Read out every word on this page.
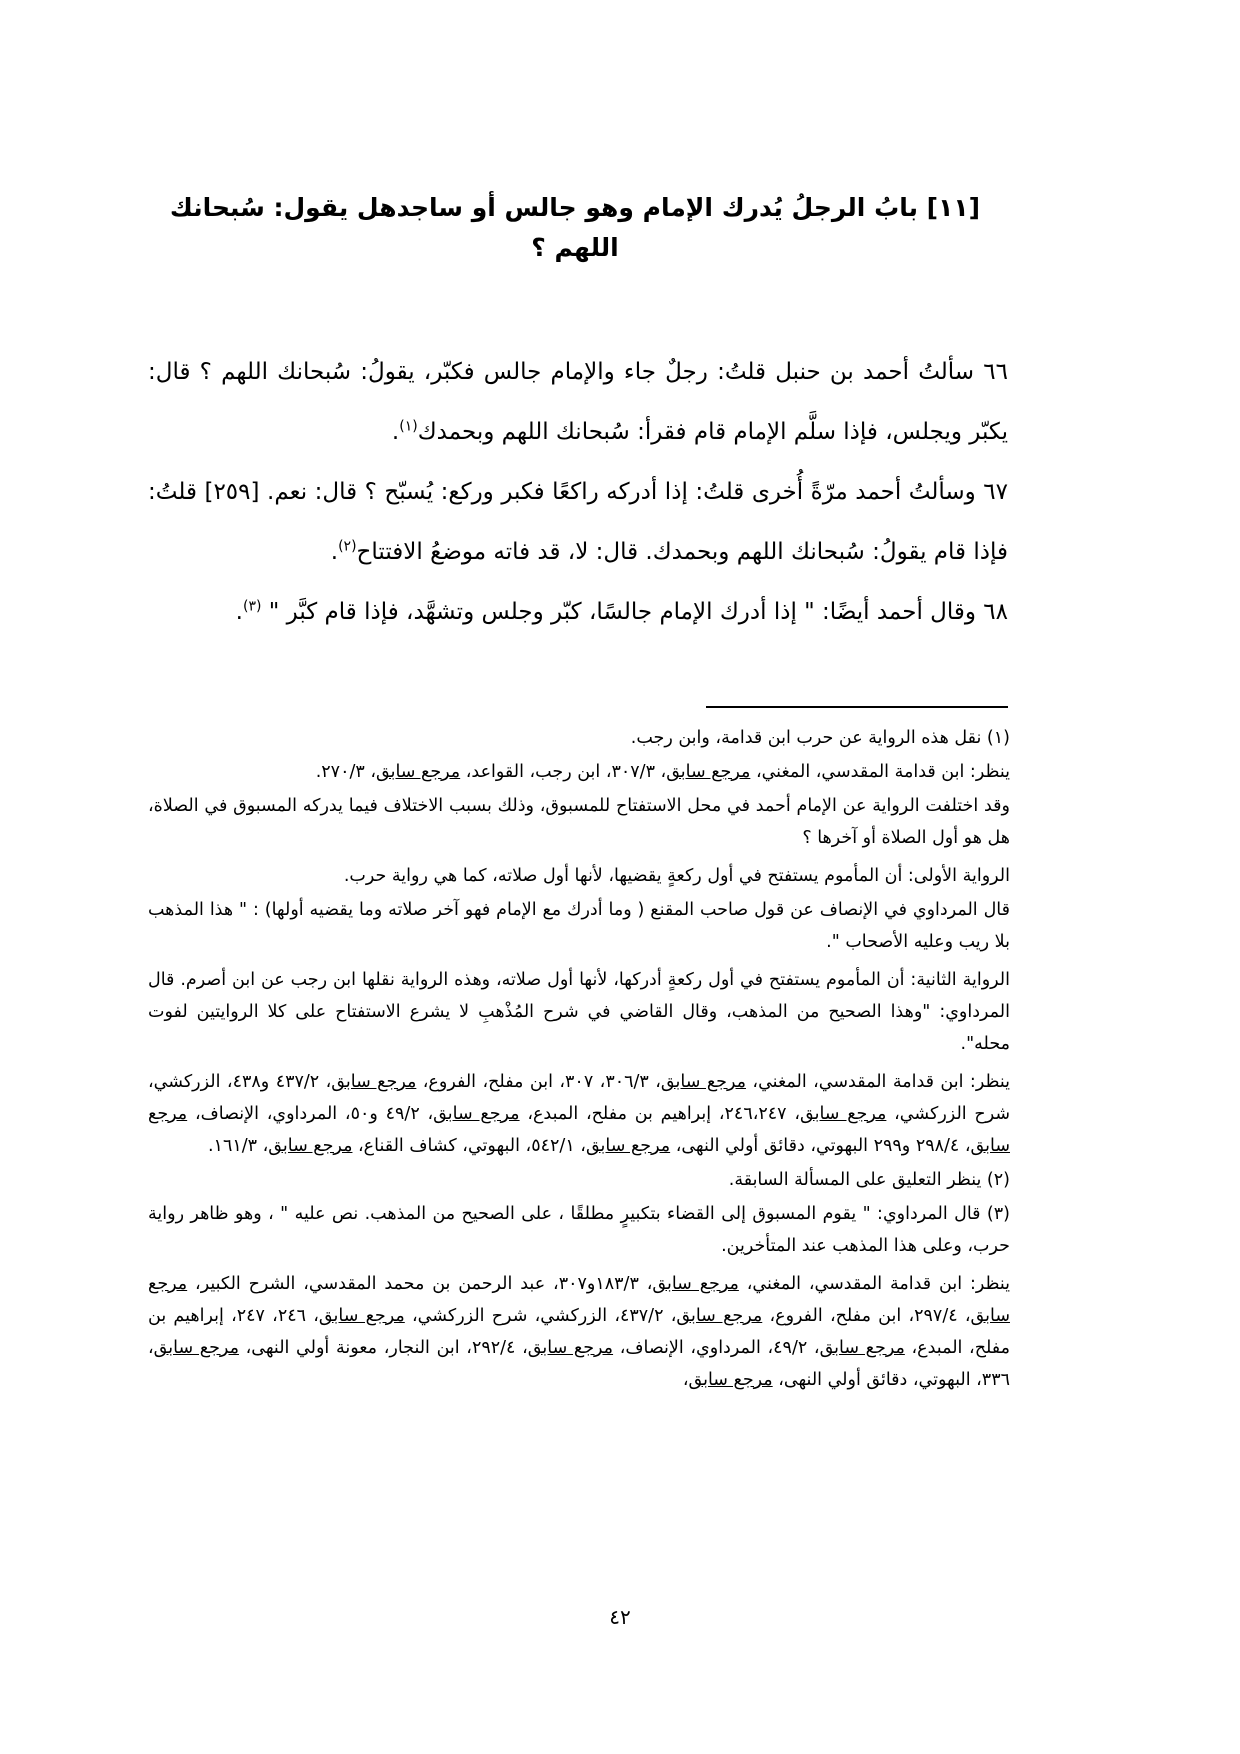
[١١] بابُ الرجلُ يُدرك الإمام وهو جالس أو ساجدهل يقول: سُبحانك اللهم ؟
٦٦ سألتُ أحمد بن حنبل قلتُ: رجلٌ جاء والإمام جالس فكبّر، يقولُ: سُبحانك اللهم ؟ قال: يكبّر ويجلس، فإذا سلَّم الإمام قام فقرأ: سُبحانك اللهم وبحمدك$^{(١)}$.
٦٧ وسألتُ أحمد مرّةً أُخرى قلتُ: إذا أدركه راكعًا فكبر وركع: يُسبّح ؟ قال: نعم. [٢٥٩] قلتُ: فإذا قام يقولُ: سُبحانك اللهم وبحمدك. قال: لا، قد فاته موضعُ الافتتاح$^{(٢)}$.
٦٨ وقال أحمد أيضًا: " إذا أدرك الإمام جالسًا، كبّر وجلس وتشهَّد، فإذا قام كبَّر " $^{(٣)}$.

(١) نقل هذه الرواية عن حرب ابن قدامة، وابن رجب.

ينظر: ابن قدامة المقدسي، المغني، مرجع سابق، ٣٠٧/٣، ابن رجب، القواعد، مرجع سابق، ٢٧٠/٣.

وقد اختلفت الرواية عن الإمام أحمد في محل الاستفتاح للمسبوق، وذلك بسبب الاختلاف فيما يدركه المسبوق في الصلاة، هل هو أول الصلاة أو آخرها ؟

الرواية الأولى: أن المأموم يستفتح في أول ركعةٍ يقضيها، لأنها أول صلاته، كما هي رواية حرب.

قال المرداوي في الإنصاف عن قول صاحب المقنع ( وما أدرك مع الإمام فهو آخر صلاته وما يقضيه أولها) : " هذا المذهب بلا ريب وعليه الأصحاب ".

الرواية الثانية: أن المأموم يستفتح في أول ركعةٍ أدركها، لأنها أول صلاته، وهذه الرواية نقلها ابن رجب عن ابن أصرم. قال المرداوي: "وهذا الصحيح من المذهب، وقال القاضي في شرح المُذْهبِ لا يشرع الاستفتاح على كلا الروايتين لفوت محله".

ينظر: ابن قدامة المقدسي، المغني، مرجع سابق، ٣٠٦/٣، ٣٠٧، ابن مفلح، الفروع، مرجع سابق، ٤٣٧/٢ و٤٣٨، الزركشي، شرح الزركشي، مرجع سابق، ٢٤٦،٢٤٧، إبراهيم بن مفلح، المبدع، مرجع سابق، ٤٩/٢ و٥٠، المرداوي، الإنصاف، مرجع سابق، ٢٩٨/٤ و٢٩٩ البهوتي، دقائق أولي النهى، مرجع سابق، ٥٤٢/١، البهوتي، كشاف القناع، مرجع سابق، ١٦١/٣.

(٢) ينظر التعليق على المسألة السابقة.

(٣) قال المرداوي: " يقوم المسبوق إلى القضاء بتكبيرٍ مطلقًا ، على الصحيح من المذهب. نص عليه " ، وهو ظاهر رواية حرب، وعلى هذا المذهب عند المتأخرين.

ينظر: ابن قدامة المقدسي، المغني، مرجع سابق، ١٨٣/٣و٣٠٧، عبد الرحمن بن محمد المقدسي، الشرح الكبير، مرجع سابق، ٢٩٧/٤، ابن مفلح، الفروع، مرجع سابق، ٤٣٧/٢، الزركشي، شرح الزركشي، مرجع سابق، ٢٤٦، ٢٤٧، إبراهيم بن مفلح، المبدع، مرجع سابق، ٤٩/٢، المرداوي، الإنصاف، مرجع سابق، ٢٩٢/٤، ابن النجار، معونة أولي النهى، مرجع سابق، ٣٣٦، البهوتي، دقائق أولي النهى، مرجع سابق،

٤٢
